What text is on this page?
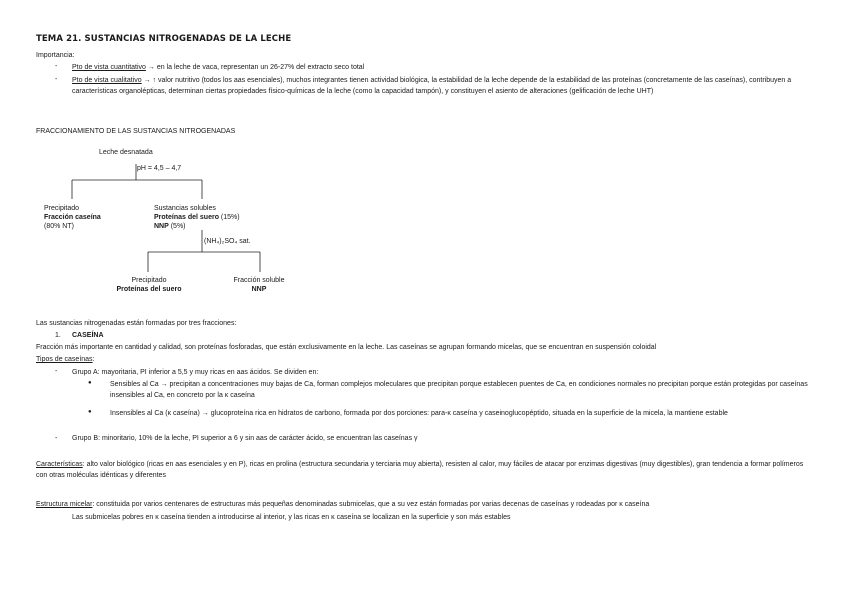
TEMA 21. SUSTANCIAS NITROGENADAS DE LA LECHE
Importancia:
- Pto de vista cuantitativo → en la leche de vaca, representan un 26-27% del extracto seco total
- Pto de vista cualitativo → ↑ valor nutritivo (todos los aas esenciales), muchos integrantes tienen actividad biológica, la estabilidad de la leche depende de la estabilidad de las proteínas (concretamente de las caseínas), contribuyen a características organolépticas, determinan ciertas propiedades físico-químicas de la leche (como la capacidad tampón), y constituyen el asiento de alteraciones (gelificación de leche UHT)
FRACCIONAMIENTO DE LAS SUSTANCIAS NITROGENADAS
Leche desnatada
pH = 4,5 – 4,7
Precipitado
Fracción caseína
(80% NT)
Sustancias solubles
Proteínas del suero (15%)
NNP (5%)
(NH₄)₂SO₄ sat.
Precipitado
Proteínas del suero
Fracción soluble
NNP
Las sustancias nitrogenadas están formadas por tres fracciones:
1. CASEÍNA
Fracción más importante en cantidad y calidad, son proteínas fosforadas, que están exclusivamente en la leche. Las caseínas se agrupan formando micelas, que se encuentran en suspensión coloidal
Tipos de caseínas:
- Grupo A: mayoritaria, PI inferior a 5,5 y muy ricas en aas ácidos. Se dividen en:
●	Sensibles al Ca → precipitan a concentraciones muy bajas de Ca, forman complejos moleculares que precipitan porque establecen puentes de Ca, en condiciones normales no precipitan porque están protegidas por caseínas insensibles al Ca, en concreto por la κ caseína
●	Insensibles al Ca (κ caseína) → glucoproteína rica en hidratos de carbono, formada por dos porciones: para-κ caseína y caseinoglucopéptido, situada en la superficie de la micela, la mantiene estable
- Grupo B: minoritario, 10% de la leche, PI superior a 6 y sin aas de carácter ácido, se encuentran las caseínas γ
Características: alto valor biológico (ricas en aas esenciales y en P), ricas en prolina (estructura secundaria y terciaria muy abierta), resisten al calor, muy fáciles de atacar por enzimas digestivas (muy digestibles), gran tendencia a formar polímeros con otras moléculas idénticas y diferentes
Estructura micelar: constituida por varios centenares de estructuras más pequeñas denominadas submicelas, que a su vez están formadas por varias decenas de caseínas y rodeadas por κ caseína
Las submicelas pobres en κ caseína tienden a introducirse al interior, y las ricas en κ caseína se localizan en la superficie y son más estables
